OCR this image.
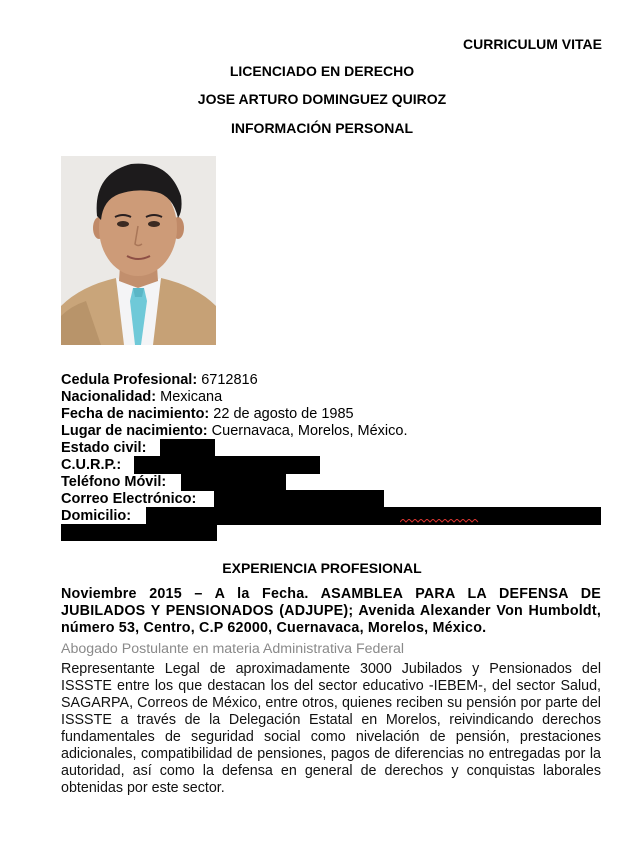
CURRICULUM VITAE
LICENCIADO EN DERECHO
JOSE ARTURO DOMINGUEZ QUIROZ
INFORMACIÓN PERSONAL
Cedula Profesional: 6712816
Nacionalidad: Mexicana
Fecha de nacimiento: 22 de agosto de 1985
Lugar de nacimiento: Cuernavaca, Morelos, México.
Estado civil:
C.U.R.P.:
Teléfono Móvil:
Correo Electrónico:
Domicilio:
EXPERIENCIA PROFESIONAL
Noviembre 2015 – A la Fecha. ASAMBLEA PARA LA DEFENSA DE JUBILADOS Y PENSIONADOS (ADJUPE); Avenida Alexander Von Humboldt, número 53, Centro, C.P 62000, Cuernavaca, Morelos, México.
Abogado Postulante en materia Administrativa Federal
Representante Legal de aproximadamente 3000 Jubilados y Pensionados del ISSSTE entre los que destacan los del sector educativo -IEBEM-, del sector Salud, SAGARPA, Correos de México, entre otros, quienes reciben su pensión por parte del ISSSTE a través de la Delegación Estatal en Morelos, reivindicando derechos fundamentales de seguridad social como nivelación de pensión, prestaciones adicionales, compatibilidad de pensiones, pagos de diferencias no entregadas por la autoridad, así como la defensa en general de derechos y conquistas laborales obtenidas por este sector.
